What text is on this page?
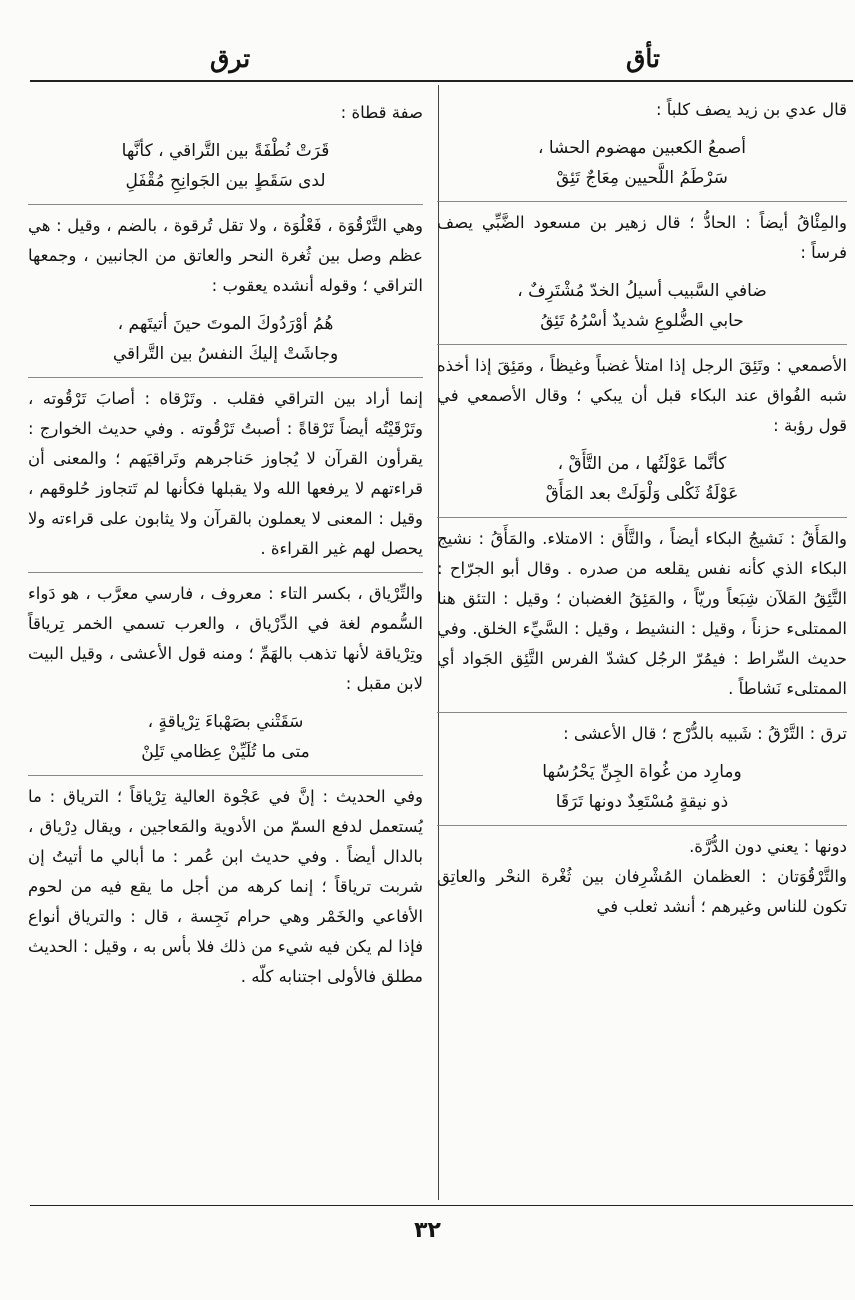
تأق
ترق

قال عدي بن زيد يصف كلباً :

أصمعُ الكعبين مهضوم الحشا ،
سَرْطَمُ اللَّحيين مِعَاجٌ تَئِقْ

والمِئْاقُ أيضاً : الحادُّ ؛ قال زهير بن مسعود الضَّبِّي يصف فرساً :

ضافي السَّبيب أسيلُ الخدّ مُشْتَرِفٌ ،
حابي الضُّلوعِ شديدٌ أسْرُهُ تَئِقُ

الأصمعي : وتَئِقَ الرجل إذا امتلأ غضباً وغيظاً ، ومَئِقَ إذا أخذه شبه الفُواق عند البكاء قبل أن يبكي ؛ وقال الأصمعي في قول رؤبة :

كأنَّما عَوْلَتُها ، من التَّأَقْ ،
عَوْلَةُ ثَكْلى وَلْوَلَتْ بعد المَأَقْ

والمَأَقُ : نَشيجُ البكاء أيضاً ، والتَّأَق : الامتلاء. والمَأَقُ : نشيج البكاء الذي كأنه نفس يقلعه من صدره . وقال أبو الجرّاح : التَّئِقُ المَلآن شِبَعاً وريّاً ، والمَئِقُ الغضبان ؛ وقيل : التئق هنا الممتلىء حزناً ، وقيل : النشيط ، وقيل : السَّيِّء الخلق. وفي حديث السِّراط : فيمُرّ الرجُل كشدّ الفرس التَّئِق الجَواد أي الممتلىء نَشاطاً .

ترق : التَّرْقُ : شَبيه بالدُّرْج ؛ قال الأعشى :

ومارِد من غُواة الجِنِّ يَحْرُسُها
ذو نيقةٍ مُسْتَعِدٌ دونها تَرَقَا

دونها : يعني دون الدُّرَّة.

والتَّرْقُوَتان : العظمان المُشْرِفان بين ثُغْرة النحْر والعاتِق تكون للناس وغيرهم ؛ أنشد ثعلب في

صفة قطاة :

قَرَتْ نُطْفَةً بين التَّراقي ، كأنَّها
لدى سَقَطٍ بين الجَوانِحِ مُقْفَلِ

وهي التَّرْقُوَة ، فَعْلُوَة ، ولا تقل تُرقوة ، بالضم ، وقيل : هي عظم وصل بين ثُغرة النحر والعاتق من الجانبين ، وجمعها التراقي ؛ وقوله أنشده يعقوب :

هُمُ أوْرَدُوكَ الموتَ حينَ أتيتَهم ،
وجاشَتْ إليكَ النفسُ بين التَّراقي

إنما أراد بين التراقي فقلب . وتَرْقاه : أصابَ تَرْقُوته ، وتَرْقَيْتُه أيضاً تَرْقاةً : أصبتُ تَرْقُوته . وفي حديث الخوارج : يقرأون القرآن لا يُجاوز حَناجرهم وتَراقيَهم ؛ والمعنى أن قراءتهم لا يرفعها الله ولا يقبلها فكأنها لم تَتجاوز حُلوقهم ، وقيل : المعنى لا يعملون بالقرآن ولا يثابون على قراءته ولا يحصل لهم غير القراءة .

والتِّرْياق ، بكسر التاء : معروف ، فارسي معرَّب ، هو دَواء السُّموم لغة في الدِّرْياق ، والعرب تسمي الخمر تِرياقاً وتِرْياقة لأنها تذهب بالهَمِّ ؛ ومنه قول الأعشى ، وقيل البيت لابن مقبل :

سَقَتْني بصَهْباءَ تِرْياقةٍ ،
متى ما تُلَيِّنْ عِظامي تَلِنْ

وفي الحديث : إنَّ في عَجْوة العالية تِرْياقاً ؛ الترياق : ما يُستعمل لدفع السمّ من الأدوية والمَعاجين ، ويقال دِرْياق ، بالدال أيضاً . وفي حديث ابن عُمر : ما أبالي ما أتيتُ إن شربت ترياقاً ؛ إنما كرهه من أجل ما يقع فيه من لحوم الأفاعي والخَمْر وهي حرام نَجِسة ، قال : والترياق أنواع فإذا لم يكن فيه شيء من ذلك فلا بأس به ، وقيل : الحديث مطلق فالأولى اجتنابه كلّه .

٣٢
